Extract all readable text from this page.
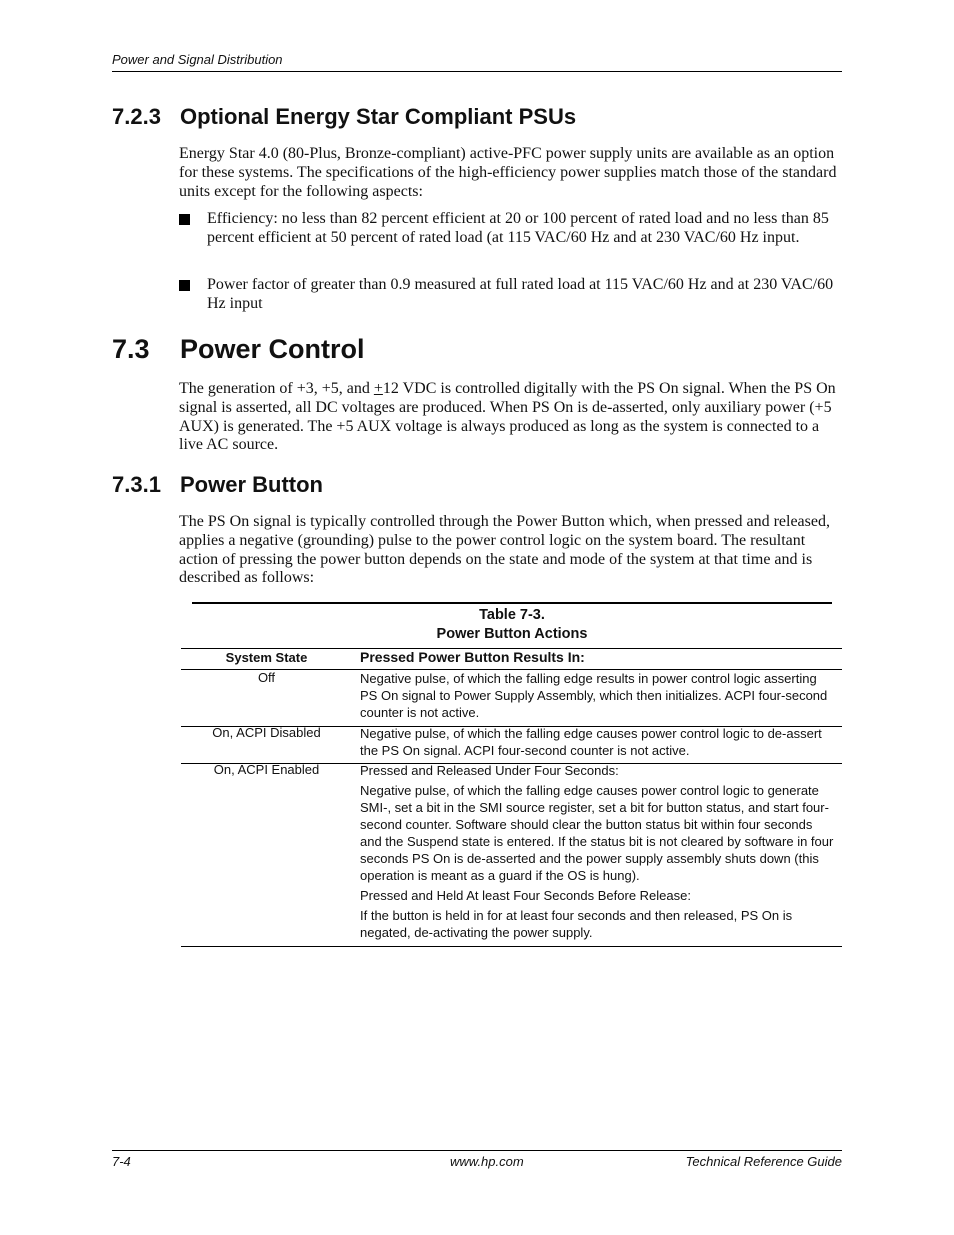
Power and Signal Distribution
7.2.3 Optional Energy Star Compliant PSUs
Energy Star 4.0 (80-Plus, Bronze-compliant) active-PFC power supply units are available as an option for these systems. The specifications of the high-efficiency power supplies match those of the standard units except for the following aspects:
Efficiency: no less than 82 percent efficient at 20 or 100 percent of rated load and no less than 85 percent efficient at 50 percent of rated load (at 115 VAC/60 Hz and at 230 VAC/60 Hz input.
Power factor of greater than 0.9 measured at full rated load at 115 VAC/60 Hz and at 230 VAC/60 Hz input
7.3 Power Control
The generation of +3, +5, and +12 VDC is controlled digitally with the PS On signal. When the PS On signal is asserted, all DC voltages are produced. When PS On is de-asserted, only auxiliary power (+5 AUX) is generated. The +5 AUX voltage is always produced as long as the system is connected to a live AC source.
7.3.1 Power Button
The PS On signal is typically controlled through the Power Button which, when pressed and released, applies a negative (grounding) pulse to the power control logic on the system board. The resultant action of pressing the power button depends on the state and mode of the system at that time and is described as follows:
Table 7-3.
Power Button Actions
System State	Pressed Power Button Results In:
Off	Negative pulse, of which the falling edge results in power control logic asserting PS On signal to Power Supply Assembly, which then initializes. ACPI four-second counter is not active.

On, ACPI Disabled	Negative pulse, of which the falling edge causes power control logic to de-assert the PS On signal. ACPI four-second counter is not active.

On, ACPI Enabled	Pressed and Released Under Four Seconds:

Negative pulse, of which the falling edge causes power control logic to generate SMI-, set a bit in the SMI source register, set a bit for button status, and start four-second counter. Software should clear the button status bit within four seconds and the Suspend state is entered. If the status bit is not cleared by software in four seconds PS On is de-asserted and the power supply assembly shuts down (this operation is meant as a guard if the OS is hung).

Pressed and Held At least Four Seconds Before Release:

If the button is held in for at least four seconds and then released, PS On is negated, de-activating the power supply.

7-4	www.hp.com	Technical Reference Guide
